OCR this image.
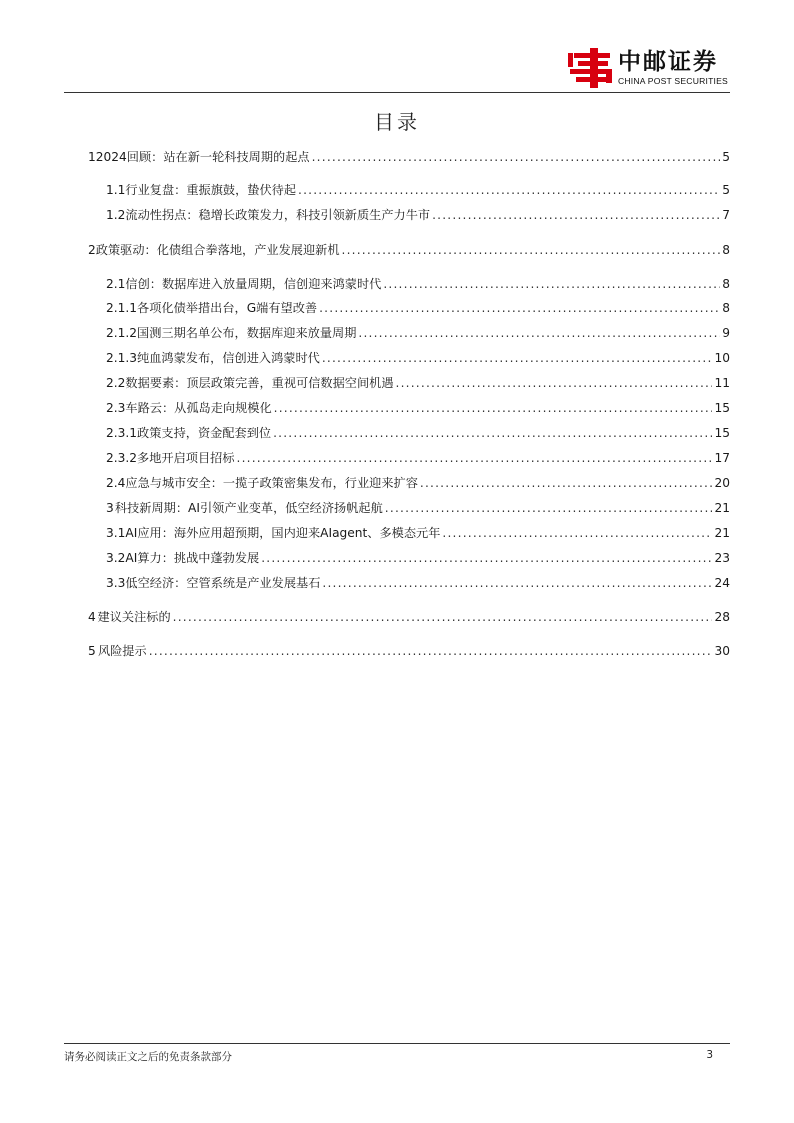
中邮证券
CHINA POST SECURITIES
目录
1 2024回顾：站在新一轮科技周期的起点 .....	5
1.1 行业复盘：重振旗鼓，蛰伏待起 .....	5
1.2 流动性拐点：稳增长政策发力，科技引领新质生产力牛市 .....	7
2 政策驱动：化债组合拳落地，产业发展迎新机 .....	8
2.1 信创：数据库进入放量周期，信创迎来鸿蒙时代 .....	8
2.1.1 各项化债举措出台，G端有望改善 .....	8
2.1.2 国测三期名单公布，数据库迎来放量周期 .....	9
2.1.3 纯血鸿蒙发布，信创进入鸿蒙时代 .....	10
2.2 数据要素：顶层政策完善，重视可信数据空间机遇 .....	11
2.3 车路云：从孤岛走向规模化 .....	15
2.3.1 政策支持，资金配套到位 .....	15
2.3.2 多地开启项目招标 .....	17
2.4 应急与城市安全：一揽子政策密集发布，行业迎来扩容 .....	20
3 科技新周期：AI引领产业变革，低空经济扬帆起航 .....	21
3.1 AI应用：海外应用超预期，国内迎来AIagent、多模态元年 .....	21
3.2 AI算力：挑战中蓬勃发展 .....	23
3.3 低空经济：空管系统是产业发展基石 .....	24
4 建议关注标的 .....	28
5 风险提示 .....	30
请务必阅读正文之后的免责条款部分	3
